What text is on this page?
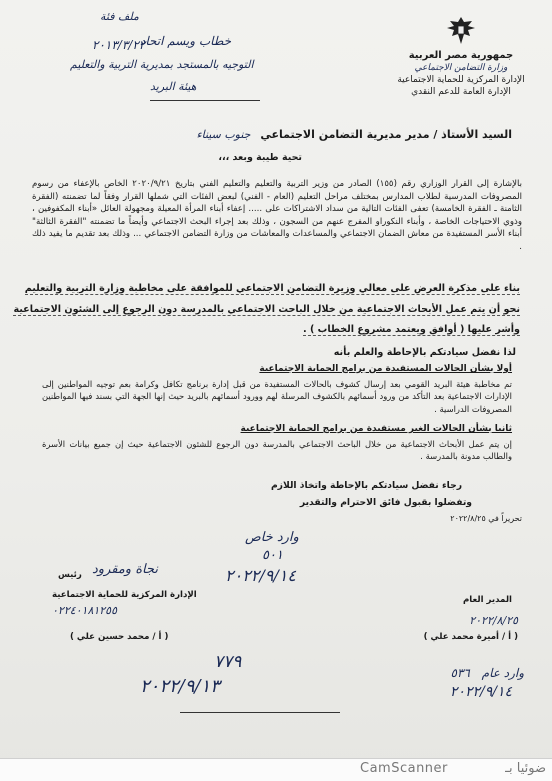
جمهورية مصر العربية
وزارة التضامن الاجتماعي
الإدارة المركزية للحماية الاجتماعية
الإدارة العامة للدعم النقدي
ملف فئة
خطاب ويسم اتحاد
٢٠١٣/٣/٢٢
التوجيه بالمستجد بمديرية التربية والتعليم
هيئة البريد
السيد الأستاذ / مدير مديرية التضامن الاجتماعي جنوب سيناء
تحية طيبة وبعد ،،،

بالإشارة إلى القرار الوزاري رقم (١٥٥) الصادر من وزير التربية والتعليم والتعليم الفني بتاريخ ٢٠٢٠/٩/٢١ الخاص بالإعفاء من رسوم المصروفات المدرسية لطلاب المدارس بمختلف مراحل التعليم (العام - الفني) لبعض الفئات التي شملها القرار وفقاً لما تضمنته (الفقرة الثامنة ـ الفقرة الخامسة) تعفى الفئات التالية من سداد الاشتراكات على ..... إعفاء أبناء المرأة المعيلة ومجهولة العائل «أبناء المكفوفين ، وذوي الاحتياجات الخاصة ، وأبناء النكوراو المفرج عنهم من السجون ، وذلك بعد إجراء البحث الاجتماعي وأيضاً ما تضمنته "الفقرة الثالثة" أبناء الأسر المستفيدة من معاش الضمان الاجتماعي والمساعدات والمعاشات من وزارة التضامن الاجتماعي ... وذلك بعد تقديم ما يفيد ذلك .

بناء على مذكرة العرض على معالي وزيرة التضامن الاجتماعي للموافقة على مخاطبة وزارة التربية والتعليم
نحو أن يتم عمل الأبحاث الاجتماعية من خلال الباحث الاجتماعي بالمدرسة دون الرجوع إلى الشئون الاجتماعية
وأشر عليها ( أوافق ويعتمد مشروع الخطاب ) .
لذا نفضل سيادتكم بالإحاطة والعلم بأنه
أولا بشأن الحالات المستفيدة من برامج الحماية الاجتماعية
تم مخاطبة هيئة البريد القومي بعد إرسال كشوف بالحالات المستفيدة من قبل إدارة برنامج تكافل وكرامة بعم توجيه المواطنين إلى الإدارات الاجتماعية بعد التأكد من ورود أسمائهم بالكشوف المرسلة لهم وورود أسمائهم بالبريد حيث إنها الجهة التي بسند فيها المواطنين المصروفات الدراسية .
ثانيا بشأن الحالات الغير مستفيدة من برامج الحماية الاجتماعية
إن يتم عمل الأبحاث الاجتماعية من خلال الباحث الاجتماعي بالمدرسة دون الرجوع للشئون الاجتماعية حيث إن جميع بيانات الأسرة والطالب مدونة بالمدرسة .
رجاء نفضل سيادتكم بالإحاطة واتخاذ اللازم
وتفضلوا بقبول فائق الاحترام والتقدير
تحريراً في ٢٠٢٢/٨/٢٥
وارد خاص
٥٠١
٢٠٢٢/٩/١٤
رئيس نجاة ومقرود
الإدارة المركزية للحماية الاجتماعية
٠٢٢٤٠١٨١٢٥٥
( أ / محمد حسين علي )
المدير العام
٢٠٢٢/٨/٢٥
( أ / أميرة محمد علي )
٧٧٩
٢٠٢٢/٩/١٣
وارد عام ٥٣٦
٢٠٢٢/٩/١٤
CamScanner	ضوئيا بـ
